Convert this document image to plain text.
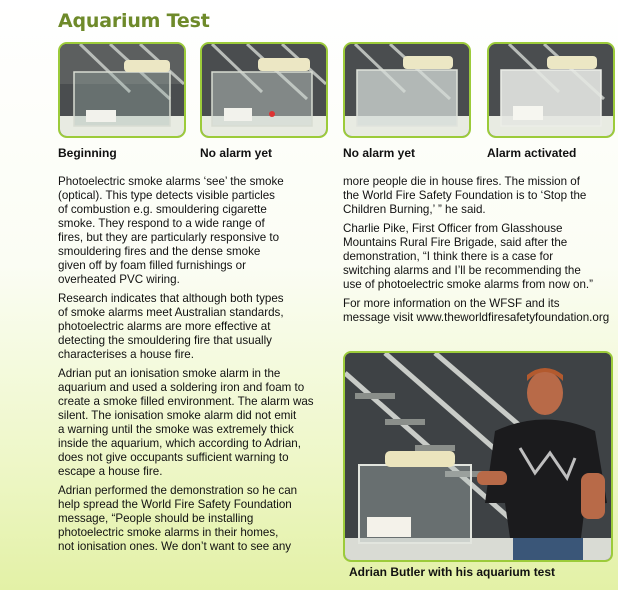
Aquarium Test
Beginning	No alarm yet	No alarm yet	Alarm activated

Photoelectric smoke alarms ‘see’ the smoke
(optical). This type detects visible particles
of combustion e.g. smouldering cigarette
smoke. They respond to a wide range of
fires, but they are particularly responsive to
smouldering fires and the dense smoke
given off by foam filled furnishings or
overheated PVC wiring.

Research indicates that although both types
of smoke alarms meet Australian standards,
photoelectric alarms are more effective at
detecting the smouldering fire that usually
characterises a house fire.

Adrian put an ionisation smoke alarm in the
aquarium and used a soldering iron and foam to
create a smoke filled environment. The alarm was
silent. The ionisation smoke alarm did not emit
a warning until the smoke was extremely thick
inside the aquarium, which according to Adrian,
does not give occupants sufficient warning to
escape a house fire.

Adrian performed the demonstration so he can
help spread the World Fire Safety Foundation
message, “People should be installing
photoelectric smoke alarms in their homes,
not ionisation ones. We don’t want to see any

more people die in house fires. The mission of
the World Fire Safety Foundation is to ‘Stop the
Children Burning,’ ” he said.

Charlie Pike, First Officer from Glasshouse
Mountains Rural Fire Brigade, said after the
demonstration, “I think there is a case for
switching alarms and I’ll be recommending the
use of photoelectric smoke alarms from now on.”

For more information on the WFSF and its
message visit www.theworldfiresafetyfoundation.org

Adrian Butler with his aquarium test
